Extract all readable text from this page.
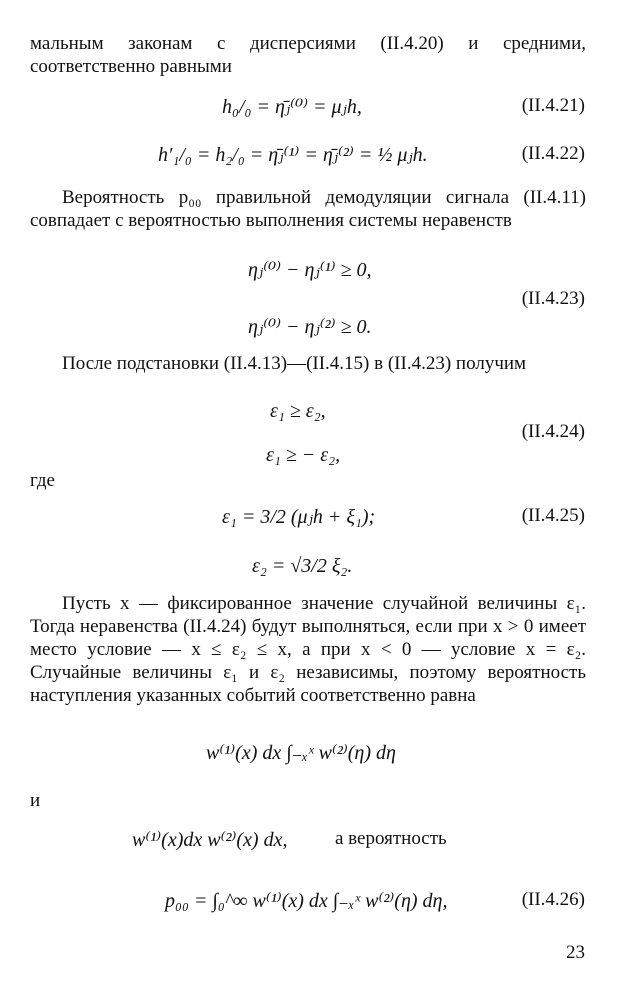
мальным законам с дисперсиями (II.4.20) и средними, соответственно равными
h₀/₀ = η̄ⱼ⁽⁰⁾ = μⱼh,	(II.4.21)
h′₁/₀ = h₂/₀ = η̄ⱼ⁽¹⁾ = η̄ⱼ⁽²⁾ = ½ μⱼh.	(II.4.22)
Вероятность p₀₀ правильной демодуляции сигнала (II.4.11) совпадает с вероятностью выполнения системы неравенств
ηⱼ⁽⁰⁾ − ηⱼ⁽¹⁾ ≥ 0,
(II.4.23)
ηⱼ⁽⁰⁾ − ηⱼ⁽²⁾ ≥ 0.
После подстановки (II.4.13)—(II.4.15) в (II.4.23) получим
ε₁ ≥ ε₂,
(II.4.24)
ε₁ ≥ − ε₂,
где
ε₁ = 3/2 (μⱼh + ξ₁);	(II.4.25)
ε₂ = √3/2 ξ₂.
Пусть x — фиксированное значение случайной величины ε₁. Тогда неравенства (II.4.24) будут выполняться, если при x > 0 имеет место условие — x ≤ ε₂ ≤ x, а при x < 0 — условие x = ε₂. Случайные величины ε₁ и ε₂ независимы, поэтому вероятность наступления указанных событий соответственно равна
w⁽¹⁾(x) dx ∫₋ₓˣ w⁽²⁾(η) dη
и
w⁽¹⁾(x)dx w⁽²⁾(x) dx,	а вероятность
p₀₀ = ∫₀^∞ w⁽¹⁾(x) dx ∫₋ₓˣ w⁽²⁾(η) dη,	(II.4.26)
23
